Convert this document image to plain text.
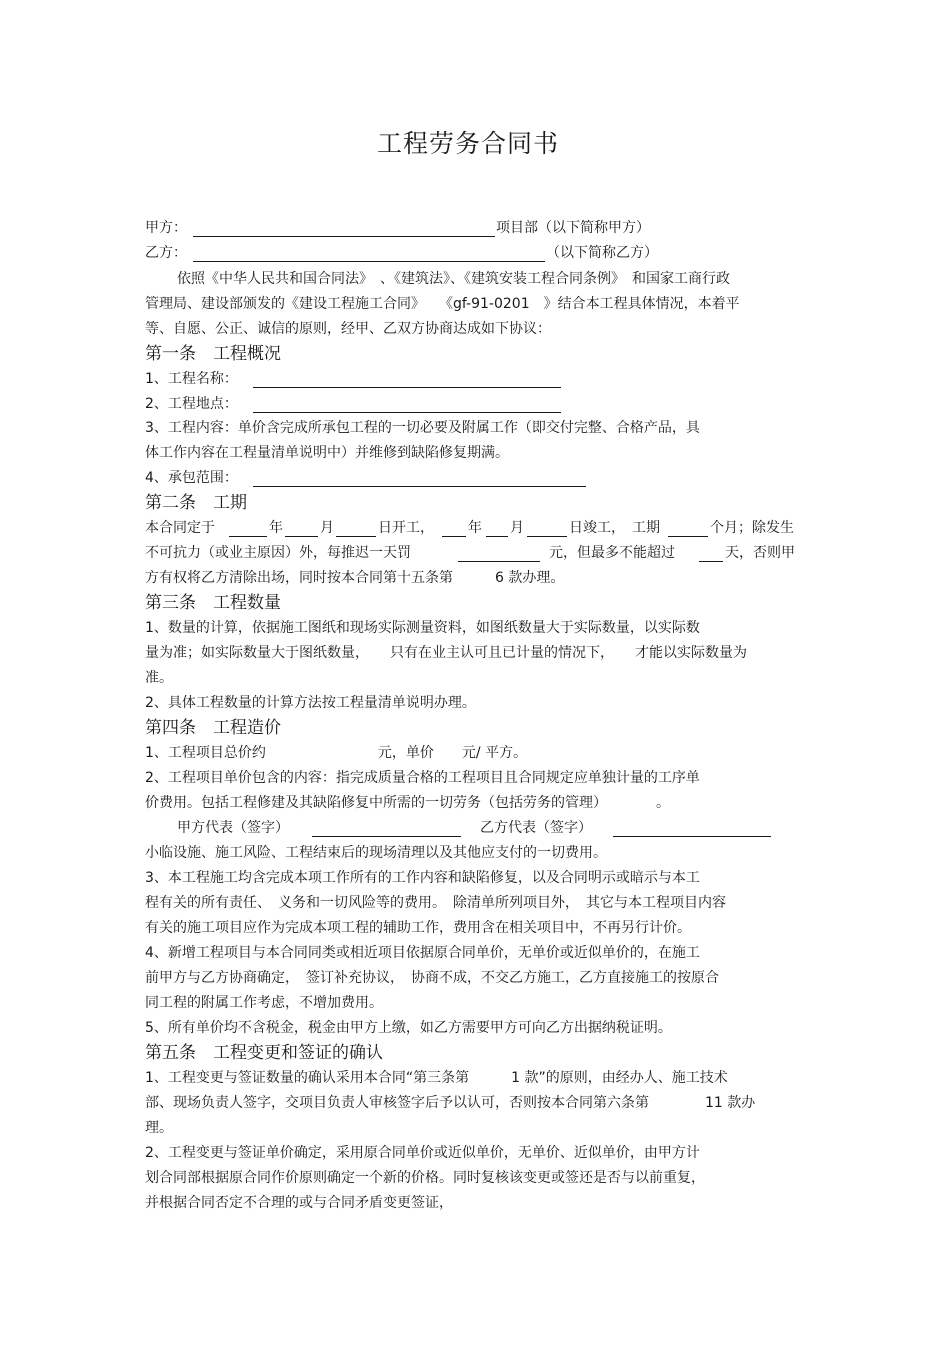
工程劳务合同书
甲方：	项目部（以下简称甲方）
乙方：	（以下简称乙方）
依照《中华人民共和国合同法》　、《建筑法》、《建筑安装工程合同条例》　和国家工商行政
管理局、建设部颁发的《建设工程施工合同》　　《gf-91-0201　》结合本工程具体情况，本着平
等、自愿、公正、诚信的原则，经甲、乙双方协商达成如下协议：
第一条　工程概况
1、工程名称：
2、工程地点：
3、工程内容：单价含完成所承包工程的一切必要及附属工作（即交付完整、合格产品，具
体工作内容在工程量清单说明中）并维修到缺陷修复期满。
4、承包范围：
第二条　工期
本合同定于	年	月	日开工， 年 月	日竣工，　工期	个月；除发生
不可抗力（或业主原因）外，每推迟一天罚	元，但最多不能超过	天，否则甲
方有权将乙方清除出场，同时按本合同第十五条第　　　6 款办理。
第三条　工程数量
1、数量的计算，依据施工图纸和现场实际测量资料，如图纸数量大于实际数量，以实际数
量为准；如实际数量大于图纸数量，　　只有在业主认可且已计量的情况下，　　才能以实际数量为
准。
2、具体工程数量的计算方法按工程量清单说明办理。
第四条　工程造价
1、工程项目总价约　　　　　　　　元，单价　　元/ 平方。
2、工程项目单价包含的内容：指完成质量合格的工程项目且合同规定应单独计量的工序单
价费用。包括工程修建及其缺陷修复中所需的一切劳务（包括劳务的管理）　　　　。
甲方代表（签字）	乙方代表（签字）
小临设施、施工风险、工程结束后的现场清理以及其他应支付的一切费用。
3、本工程施工均含完成本项工作所有的工作内容和缺陷修复，以及合同明示或暗示与本工
程有关的所有责任、　义务和一切风险等的费用。　除清单所列项目外，　其它与本工程项目内容
有关的施工项目应作为完成本项工程的辅助工作，费用含在相关项目中，不再另行计价。
4、新增工程项目与本合同同类或相近项目依据原合同单价，无单价或近似单价的，在施工
前甲方与乙方协商确定，　签订补充协议，　协商不成，不交乙方施工，乙方直接施工的按原合
同工程的附属工作考虑，不增加费用。
5、所有单价均不含税金，税金由甲方上缴，如乙方需要甲方可向乙方出据纳税证明。
第五条　工程变更和签证的确认
1、工程变更与签证数量的确认采用本合同“第三条第　　　1 款”的原则，由经办人、施工技术
部、现场负责人签字，交项目负责人审核签字后予以认可，否则按本合同第六条第　　　　11 款办
理。
2、工程变更与签证单价确定，采用原合同单价或近似单价，无单价、近似单价，由甲方计
划合同部根据原合同作价原则确定一个新的价格。同时复核该变更或签还是否与以前重复，
并根据合同否定不合理的或与合同矛盾变更签证，
